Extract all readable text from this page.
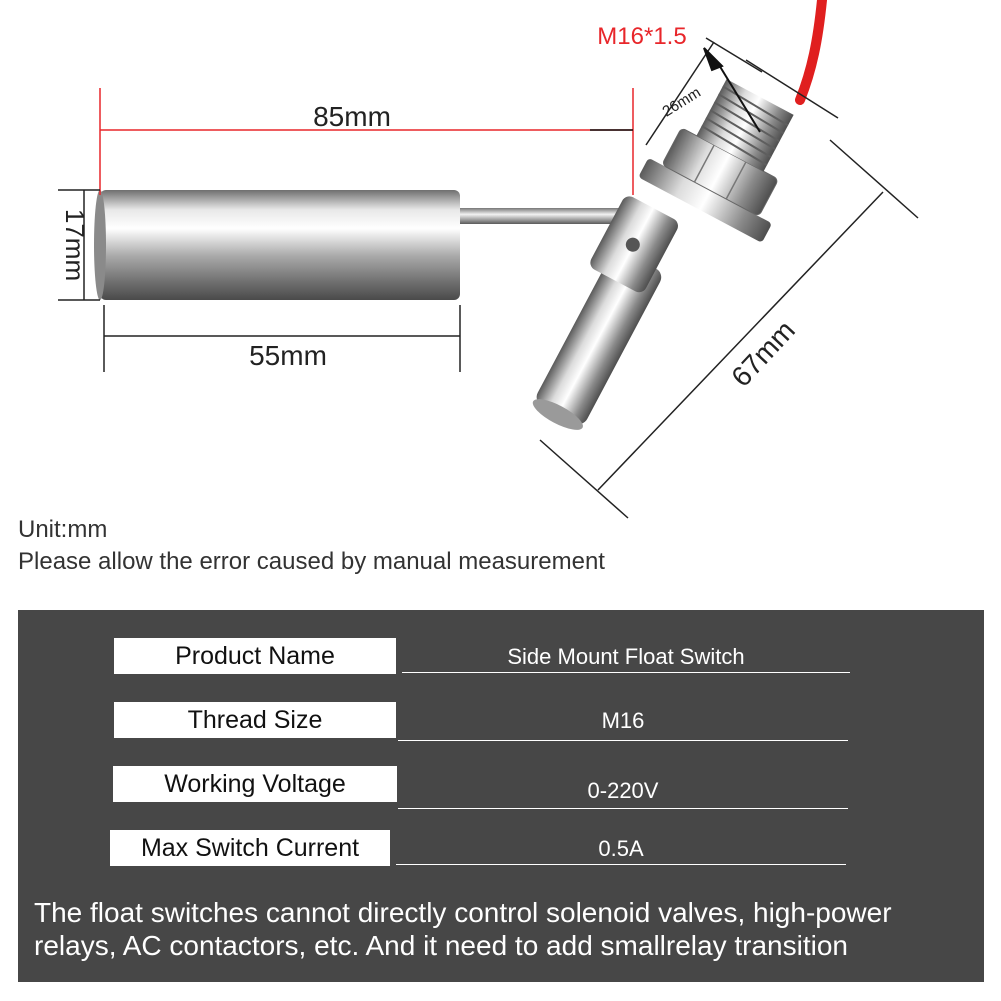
85mm
17mm
55mm	67mm
26mm
M16*1.5
Unit:mm
Please allow the error caused by manual measurement
Product Name	Side Mount Float Switch
Thread Size	M16
Working Voltage	0-220V
Max Switch Current	0.5A
The float switches cannot directly control solenoid valves, high-power relays, AC contactors, etc. And it need to add smallrelay transition
